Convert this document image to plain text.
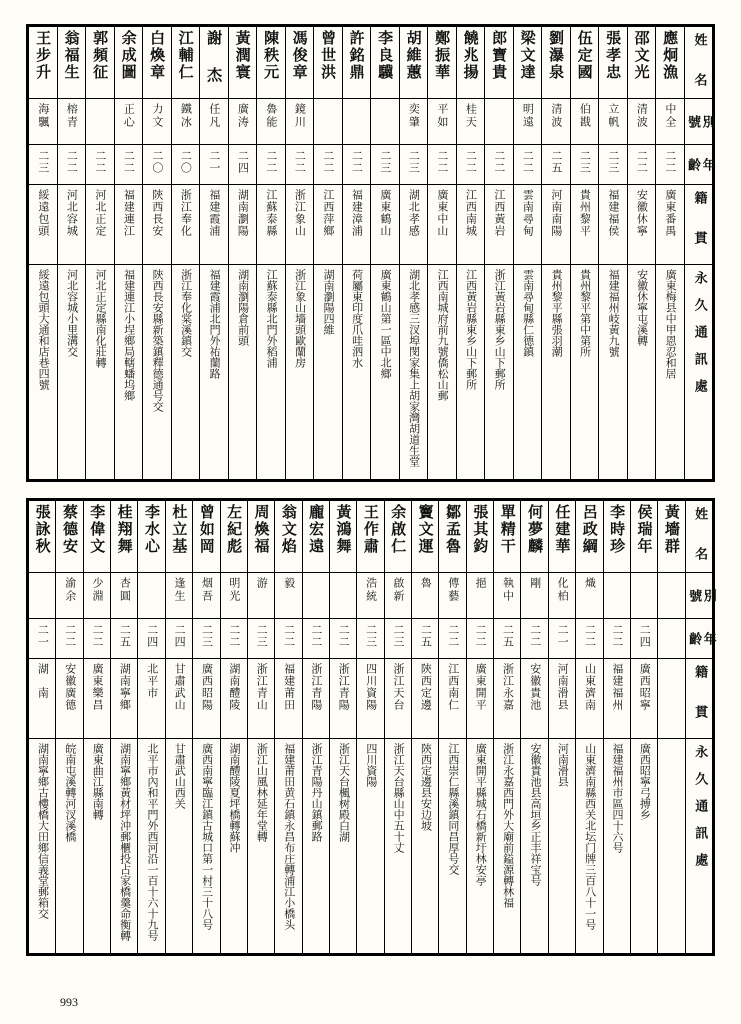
王步升	翁福生	郭頻征	余成圖	白煥章	江輔仁	謝 杰	黃潤寰	陳秩元	馮俊章	曾世洪	許銘鼎	李良驥	胡維蕙	鄭振華	饒兆揚	郎寶貴	梁文達	劉瀑泉	伍定國	張孝忠	邵文光	應炯漁	姓 名

海颿	榕青		正心	力文	鐵冰	任凡	廣涛	魯能	鏡川				奕肇	平如	桂天		明遠	清波	伯戡	立帆	清波	中全	別 號

二三	二二	二二	二二	二〇	二〇	二一	二四	二二	二二	二二	二二	二三	二三	二二	二二	二二	二二	二五	二三	二三	二二	二二	年 齡

綏遠包頭	河北容城	河北正定	福建連江	陝西長安	浙江奉化	福建霞浦	湖南瀏陽	江蘇泰縣	浙江象山	江西萍鄉	福建漳浦	廣東鶴山	湖北孝感	廣東中山	江西南城	江西黃岩	雲南尋甸	河南南陽	貴州黎平	福建福侯	安徽休寧	廣東番禺	籍 貫

綏遠包頭大通和店巷四號	河北容城小里溝交	河北正定縣南化莊轉	福建連江小埕鄉局轄蟠坞鄉	陝西長安縣新築鎮釋德通号交	浙江奉化棠溪鎮交	福建霞浦北門外祐蘭路	湖南瀏陽倉前頭	江蘇泰縣北門外稻浦	浙江象山墻頭歐蘭房	湖南瀏陽四維	荷屬東印度爪哇泗水	廣東鶴山第一區中北鄉	湖北孝感三汊埠閔家集上胡家灣胡道生堂	江西南城府前九號僑松山郵	江西黃岩縣東乡山下郵所	浙江黃岩縣東乡山下郵所	雲南尋甸縣仁德鎮	貴州黎平縣張羽潮	貴州黎平第中第所	福建福州岐黃九號	安徽休寧屯溪轉	廣東梅县中甲恩忍和居	永久通訊處
張詠秋	蔡德安	李偉文	桂翔舞	李水心	杜立基	曾如岡	左紀彪	周煥福	翁文焰	龐宏遠	黃鴻舞	王作肅	余啟仁	竇文運	鄒孟魯	張其鈞	單精干	何夢麟	任建華	呂政綱	李時珍	侯瑞年	黃墻群	姓 名

	渝余	少淵	杏圓		逢生	烟吾	明光	游	毅			浩統	啟新	魯	傳藝	挹	執中	剛	化柏	熾				別 號

二一	二二	二二	二五	二四	二四	二三	二二	二三	二二	二二	二二	二三	二三	二五	二二	二二	二五	二二	二一	二二	二二	二四		年 齡

湖　南	安徽廣德	廣東樂昌	湖南寧鄉	北平市	甘肅武山	廣西昭陽	湖南醴陵	浙江青山	福建莆田	浙江青陽	浙江青陽	四川資陽	浙江天台	陝西定邊	江西南仁	廣東開平	浙江永嘉	安徽貴池	河南滑县	山東濟南	福建福州	廣西昭寧		籍 貫

湖南寧鄉古樓橋大田鄉信義堂郵箱交	皖南屯溪轉河汊溪橋	廣東曲江縣南轉	湖南寧鄉黃材坪沖郵櫃投占家橋羹命衡轉	北平市內和平門外西河沿一百十六十九号	甘肅武山西关	廣西南寧臨江鎮古城口第一村三十八号	湖南醴陵夏坪橋轉蘇冲	浙江山風林延年堂轉	福建莆田黄石鎮永昌布庄轉浦江小橋头	浙江青陽丹山鎮郵路	浙江天台楓树殿白湖	四川資陽	浙江天台縣山中五十丈	陝西定邊县安边坡	江西崇仁縣溪鎮同昌厚号交	廣東開平縣城石橋新圩林安亭	浙江永嘉西門外大廟前鎰源轉林福	安徽貴池县高垣乡正丰祥宝号	河南滑县	山東濟南縣西关北坛门牌三百八十一号	福建福州市區四十六号	廣西昭寧弓搏乡		永久通訊處
993
